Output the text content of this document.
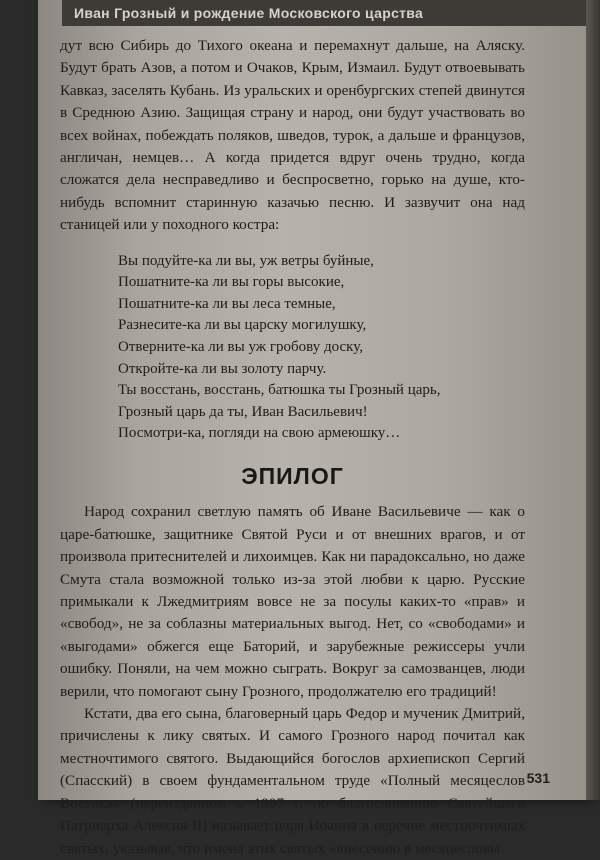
Иван Грозный и рождение Московского царства

дут всю Сибирь до Тихого океана и перемахнут дальше, на Аляску. Будут брать Азов, а потом и Очаков, Крым, Измаил. Будут отвоевывать Кавказ, заселять Кубань. Из уральских и оренбургских степей двинутся в Среднюю Азию. Защищая страну и народ, они будут участвовать во всех войнах, побеждать поляков, шведов, турок, а дальше и французов, англичан, немцев… А когда придется вдруг очень трудно, когда сложатся дела несправедливо и беспросветно, горько на душе, кто-нибудь вспомнит старинную казачью песню. И зазвучит она над станицей или у походного костра:

Вы подуйте-ка ли вы, уж ветры буйные,
Пошатните-ка ли вы горы высокие,
Пошатните-ка ли вы леса темные,
Разнесите-ка ли вы царску могилушку,
Отверните-ка ли вы уж гробову доску,
Откройте-ка ли вы золоту парчу.
Ты восстань, восстань, батюшка ты Грозный царь,
Грозный царь да ты, Иван Васильевич!
Посмотри-ка, погляди на свою армеюшку…
ЭПИЛОГ

Народ сохранил светлую память об Иване Васильевиче — как о царе-батюшке, защитнике Святой Руси и от внешних врагов, и от произвола притеснителей и лихоимцев. Как ни парадоксально, но даже Смута стала возможной только из-за этой любви к царю. Русские примыкали к Лжедмитриям вовсе не за посулы каких-то «прав» и «свобод», не за соблазны материальных выгод. Нет, со «свободами» и «выгодами» обжегся еще Баторий, и зарубежные режиссеры учли ошибку. Поняли, на чем можно сыграть. Вокруг за самозванцев, люди верили, что помогают сыну Грозного, продолжателю его традиций!

Кстати, два его сына, благоверный царь Федор и мученик Дмитрий, причислены к лику святых. И самого Грозного народ почитал как местночтимого святого. Выдающийся богослов архиепископ Сергий (Спасский) в своем фундаментальном труде «Полный месяцеслов Востока» (переизданном в 1997 г. по благословению Святейшего Патриарха Алексия II) называет царя Иоанна в перечне местночтимых святых, указывая, что имена этих святых «внесению в месяцесловы

531
